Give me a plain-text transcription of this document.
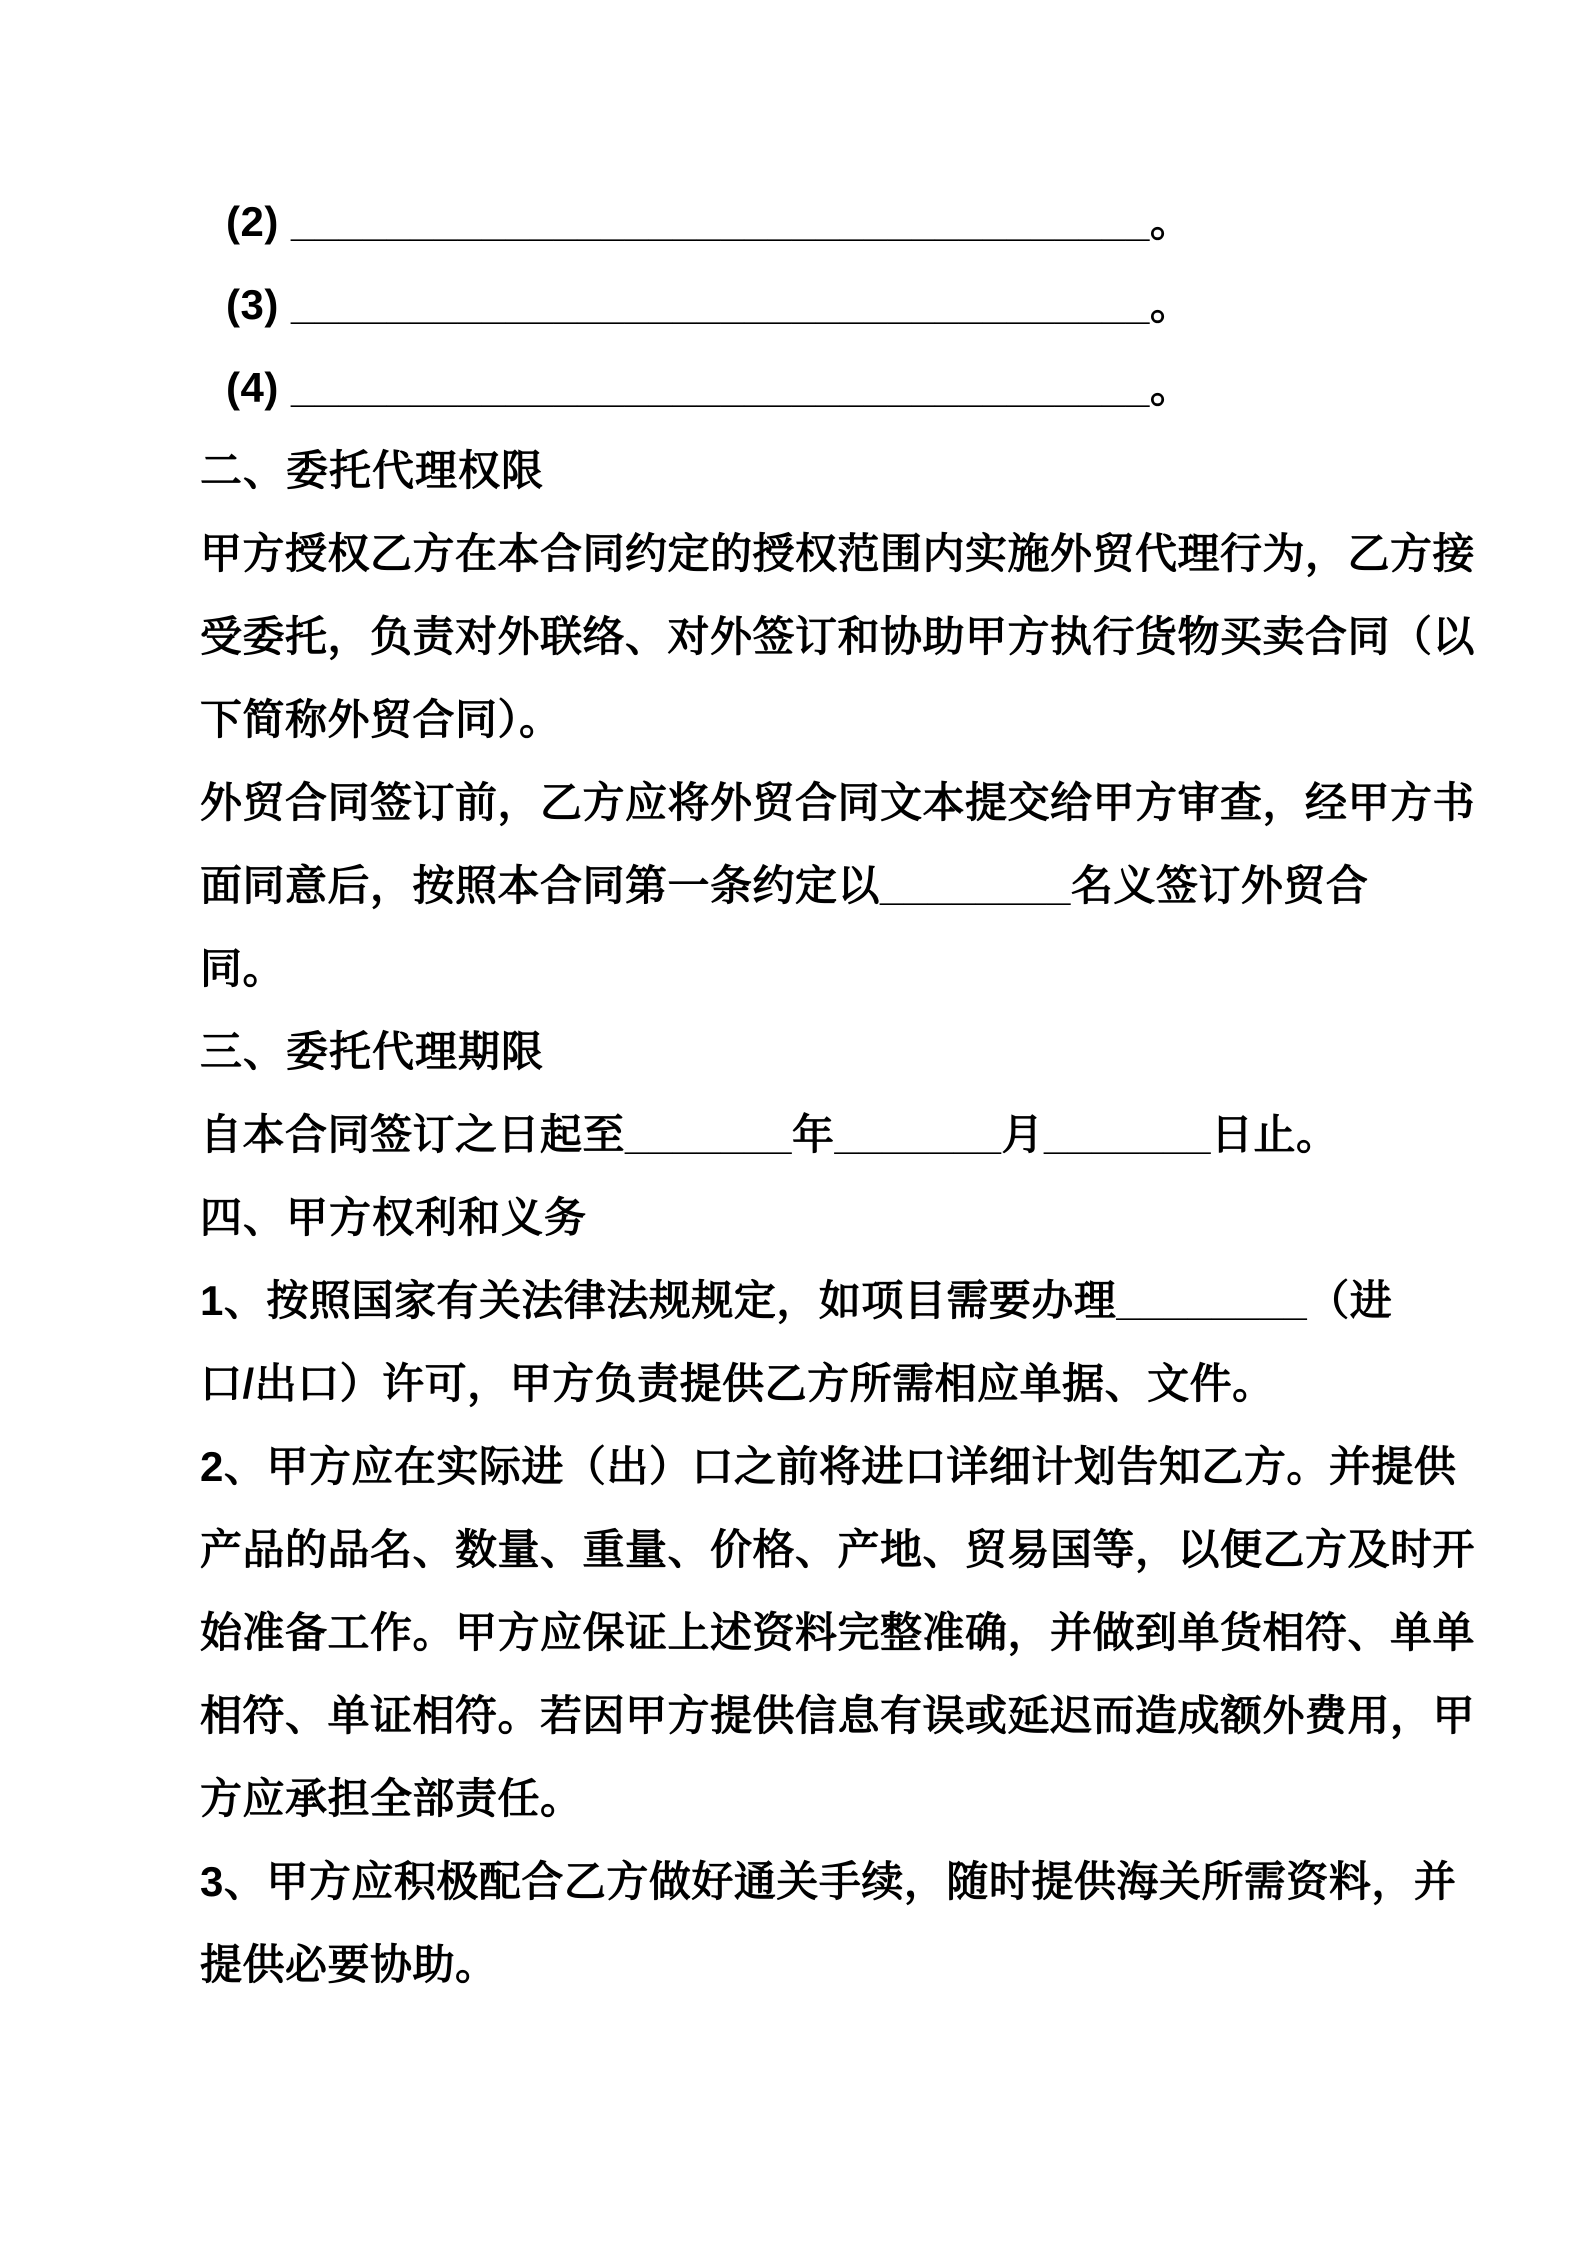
(2) ____________________________________。
(3) ____________________________________。
(4) ____________________________________。
二、委托代理权限
甲方授权乙方在本合同约定的授权范围内实施外贸代理行为，乙方接
受委托，负责对外联络、对外签订和协助甲方执行货物买卖合同（以
下简称外贸合同）。
外贸合同签订前，乙方应将外贸合同文本提交给甲方审查，经甲方书
面同意后，按照本合同第一条约定以________名义签订外贸合
同。
三、委托代理期限
自本合同签订之日起至_______年_______月_______日止。
四、甲方权利和义务
1、按照国家有关法律法规规定，如项目需要办理________（进
口/出口）许可，甲方负责提供乙方所需相应单据、文件。
2、甲方应在实际进（出）口之前将进口详细计划告知乙方。并提供
产品的品名、数量、重量、价格、产地、贸易国等，以便乙方及时开
始准备工作。甲方应保证上述资料完整准确，并做到单货相符、单单
相符、单证相符。若因甲方提供信息有误或延迟而造成额外费用，甲
方应承担全部责任。
3、甲方应积极配合乙方做好通关手续，随时提供海关所需资料，并
提供必要协助。
